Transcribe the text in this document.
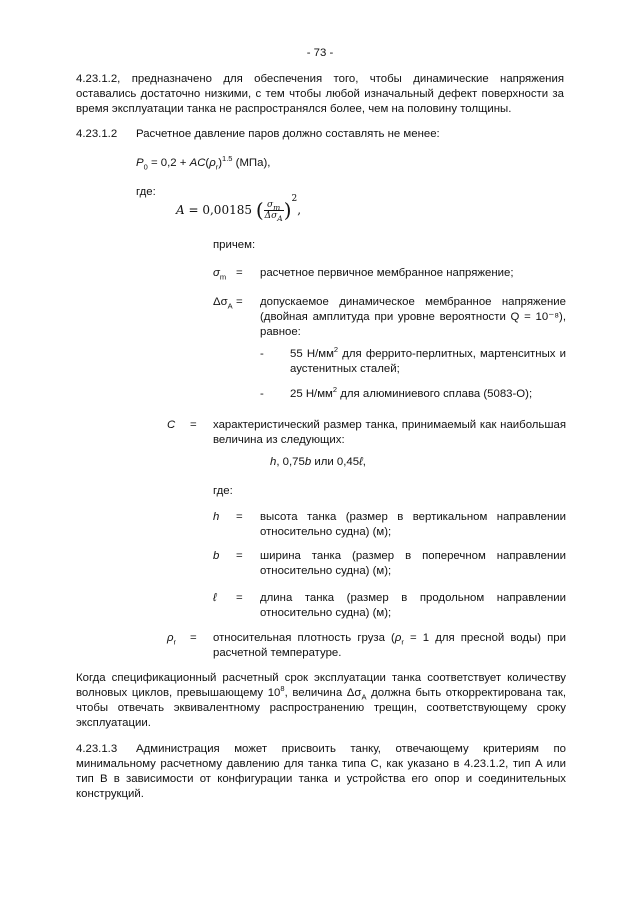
- 73 -
4.23.1.2, предназначено для обеспечения того, чтобы динамические напряжения оставались достаточно низкими, с тем чтобы любой изначальный дефект поверхности за время эксплуатации танка не распространялся более, чем на половину толщины.
4.23.1.2 Расчетное давление паров должно составлять не менее:
$P_0 = 0,2 + AC(\rho_r)^{1.5}$ (МПа),
где:
A = 0,00185 ( $\frac{\sigma_m}{\Delta\sigma_A} )^2$,
причем:
$\sigma_m$ = расчетное первичное мембранное напряжение;
$\Delta\sigma_A$ = допускаемое динамическое мембранное напряжение (двойная амплитуда при уровне вероятности Q = 10⁻⁸), равное:
- 55 $Н/мм^2$ для феррито-перлитных, мартенситных и аустенитных сталей;
- 25 $Н/мм^2$ для алюминиевого сплава (5083-O);
C = характеристический размер танка, принимаемый как наибольшая величина из следующих:
h, 0,75b или 0,45ℓ,
где:
h = высота танка (размер в вертикальном направлении относительно судна) (м);
b = ширина танка (размер в поперечном направлении относительно судна) (м);
ℓ = длина танка (размер в продольном направлении относительно судна) (м);
$\rho_r$ = относительная плотность груза ($\rho_r = 1$ для пресной воды) при расчетной температуре.
Когда спецификационный расчетный срок эксплуатации танка соответствует количеству волновых циклов, превышающему $10^8$, величина $\Delta\sigma_A$ должна быть откорректирована так, чтобы отвечать эквивалентному распространению трещин, соответствующему сроку эксплуатации.
4.23.1.3 Администрация может присвоить танку, отвечающему критериям по минимальному расчетному давлению для танка типа C, как указано в 4.23.1.2, тип A или тип B в зависимости от конфигурации танка и устройства его опор и соединительных конструкций.
